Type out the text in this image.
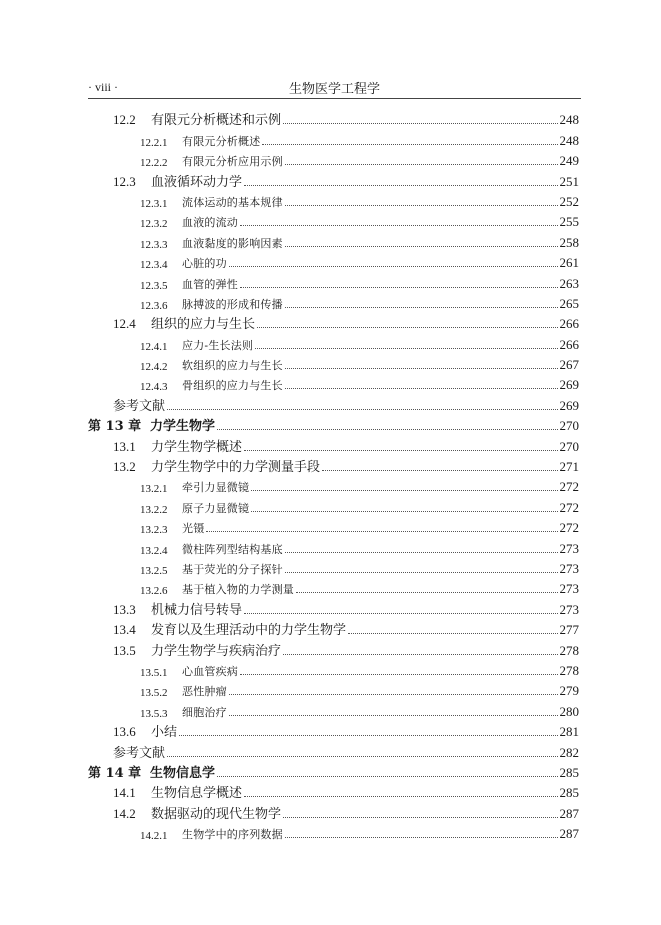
· viii ·	生物医学工程学
12.2	有限元分析概述和示例	248
12.2.1	有限元分析概述	248
12.2.2	有限元分析应用示例	249
12.3	血液循环动力学	251
12.3.1	流体运动的基本规律	252
12.3.2	血液的流动	255
12.3.3	血液黏度的影响因素	258
12.3.4	心脏的功	261
12.3.5	血管的弹性	263
12.3.6	脉搏波的形成和传播	265
12.4	组织的应力与生长	266
12.4.1	应力-生长法则	266
12.4.2	软组织的应力与生长	267
12.4.3	骨组织的应力与生长	269
参考文献	269
第 13 章 力学生物学	270
13.1	力学生物学概述	270
13.2	力学生物学中的力学测量手段	271
13.2.1	牵引力显微镜	272
13.2.2	原子力显微镜	272
13.2.3	光镊	272
13.2.4	微柱阵列型结构基底	273
13.2.5	基于荧光的分子探针	273
13.2.6	基于植入物的力学测量	273
13.3	机械力信号转导	273
13.4	发育以及生理活动中的力学生物学	277
13.5	力学生物学与疾病治疗	278
13.5.1	心血管疾病	278
13.5.2	恶性肿瘤	279
13.5.3	细胞治疗	280
13.6	小结	281
参考文献	282
第 14 章 生物信息学	285
14.1	生物信息学概述	285
14.2	数据驱动的现代生物学	287
14.2.1	生物学中的序列数据	287
